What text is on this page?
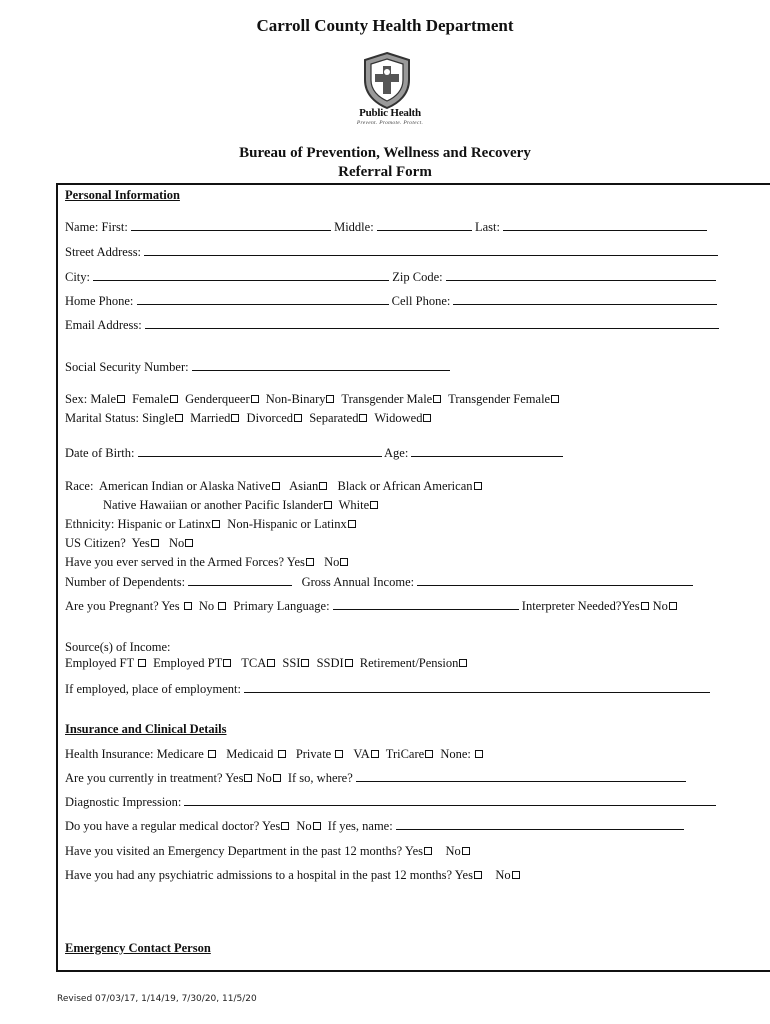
Carroll County Health Department
Public Health
Prevent. Promote. Protect.
Bureau of Prevention, Wellness and Recovery
Referral Form
Personal Information
Name: First:	Middle:	Last:
Street Address:
City:	Zip Code:
Home Phone:	Cell Phone:
Email Address:
Social Security Number:
Sex: Male Female Genderqueer Non-Binary Transgender Male Transgender Female
Marital Status: Single Married Divorced Separated Widowed
Date of Birth:	Age:
Race: American Indian or Alaska Native Asian Black or African American
Native Hawaiian or another Pacific Islander White
Ethnicity: Hispanic or Latinx Non-Hispanic or Latinx
US Citizen? Yes No
Have you ever served in the Armed Forces? Yes No
Number of Dependents:	Gross Annual Income:
Are you Pregnant? Yes No Primary Language:	Interpreter Needed?Yes No
Source(s) of Income:
Employed FT Employed PT TCA SSI SSDI Retirement/Pension
If employed, place of employment:
Insurance and Clinical Details
Health Insurance: Medicare Medicaid Private VA TriCare None:
Are you currently in treatment? Yes No If so, where?
Diagnostic Impression:
Do you have a regular medical doctor? Yes No If yes, name:
Have you visited an Emergency Department in the past 12 months? Yes No
Have you had any psychiatric admissions to a hospital in the past 12 months? Yes No
Emergency Contact Person
Revised 07/03/17, 1/14/19, 7/30/20, 11/5/20
